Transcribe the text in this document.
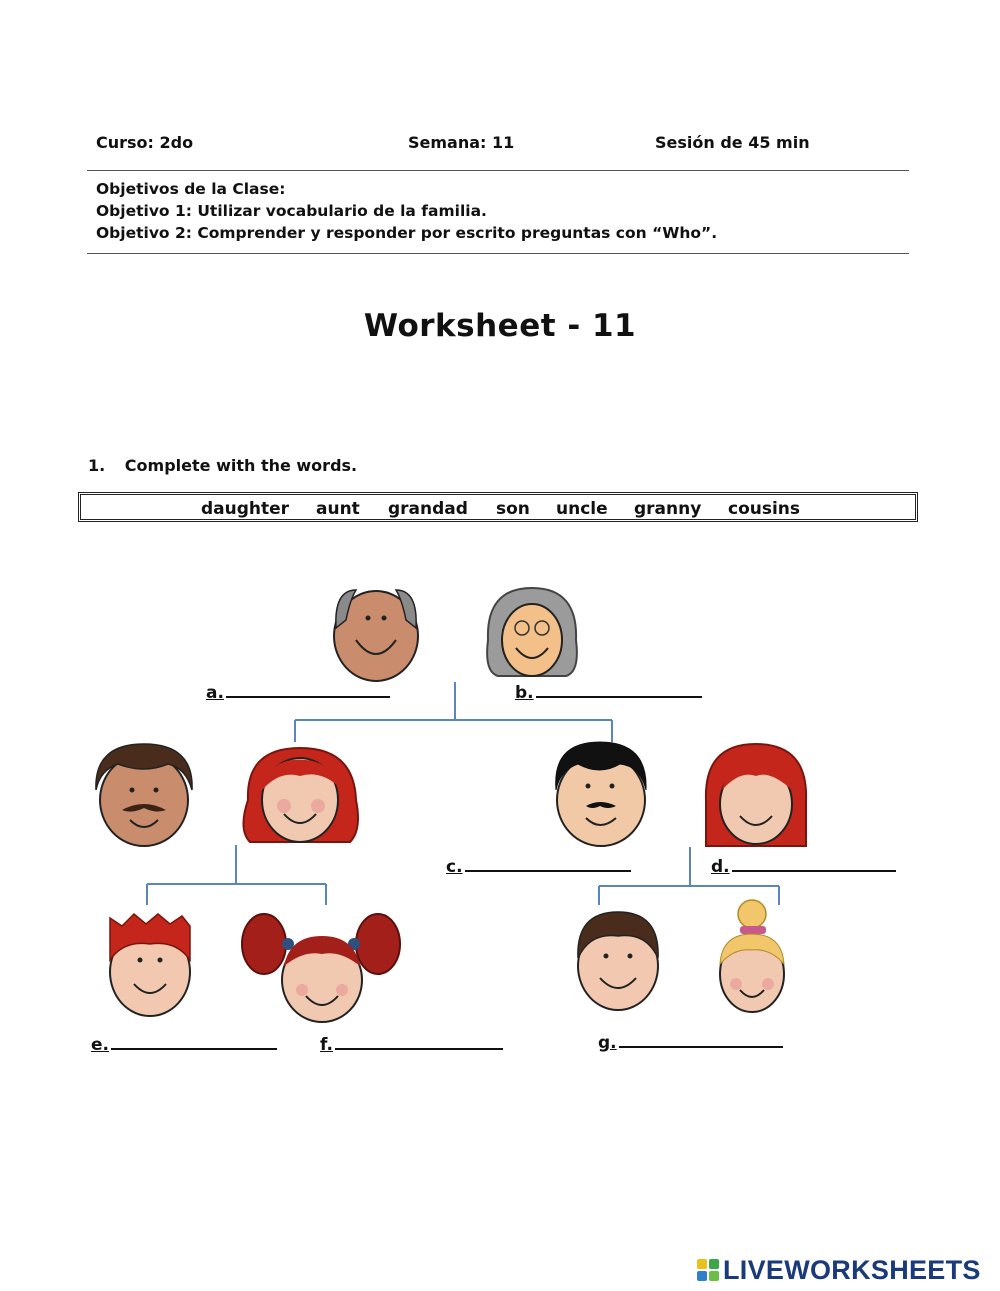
Curso: 2do	Semana: 11	Sesión de 45 min
Objetivos de la Clase:
Objetivo 1: Utilizar vocabulario de la familia.
Objetivo 2: Comprender y responder por escrito preguntas con “Who”.
Worksheet - 11
1. Complete with the words.
daughter aunt grandad son uncle granny cousins
a.	b.
c.	d.
e.	f.	g.
LIVEWORKSHEETS
